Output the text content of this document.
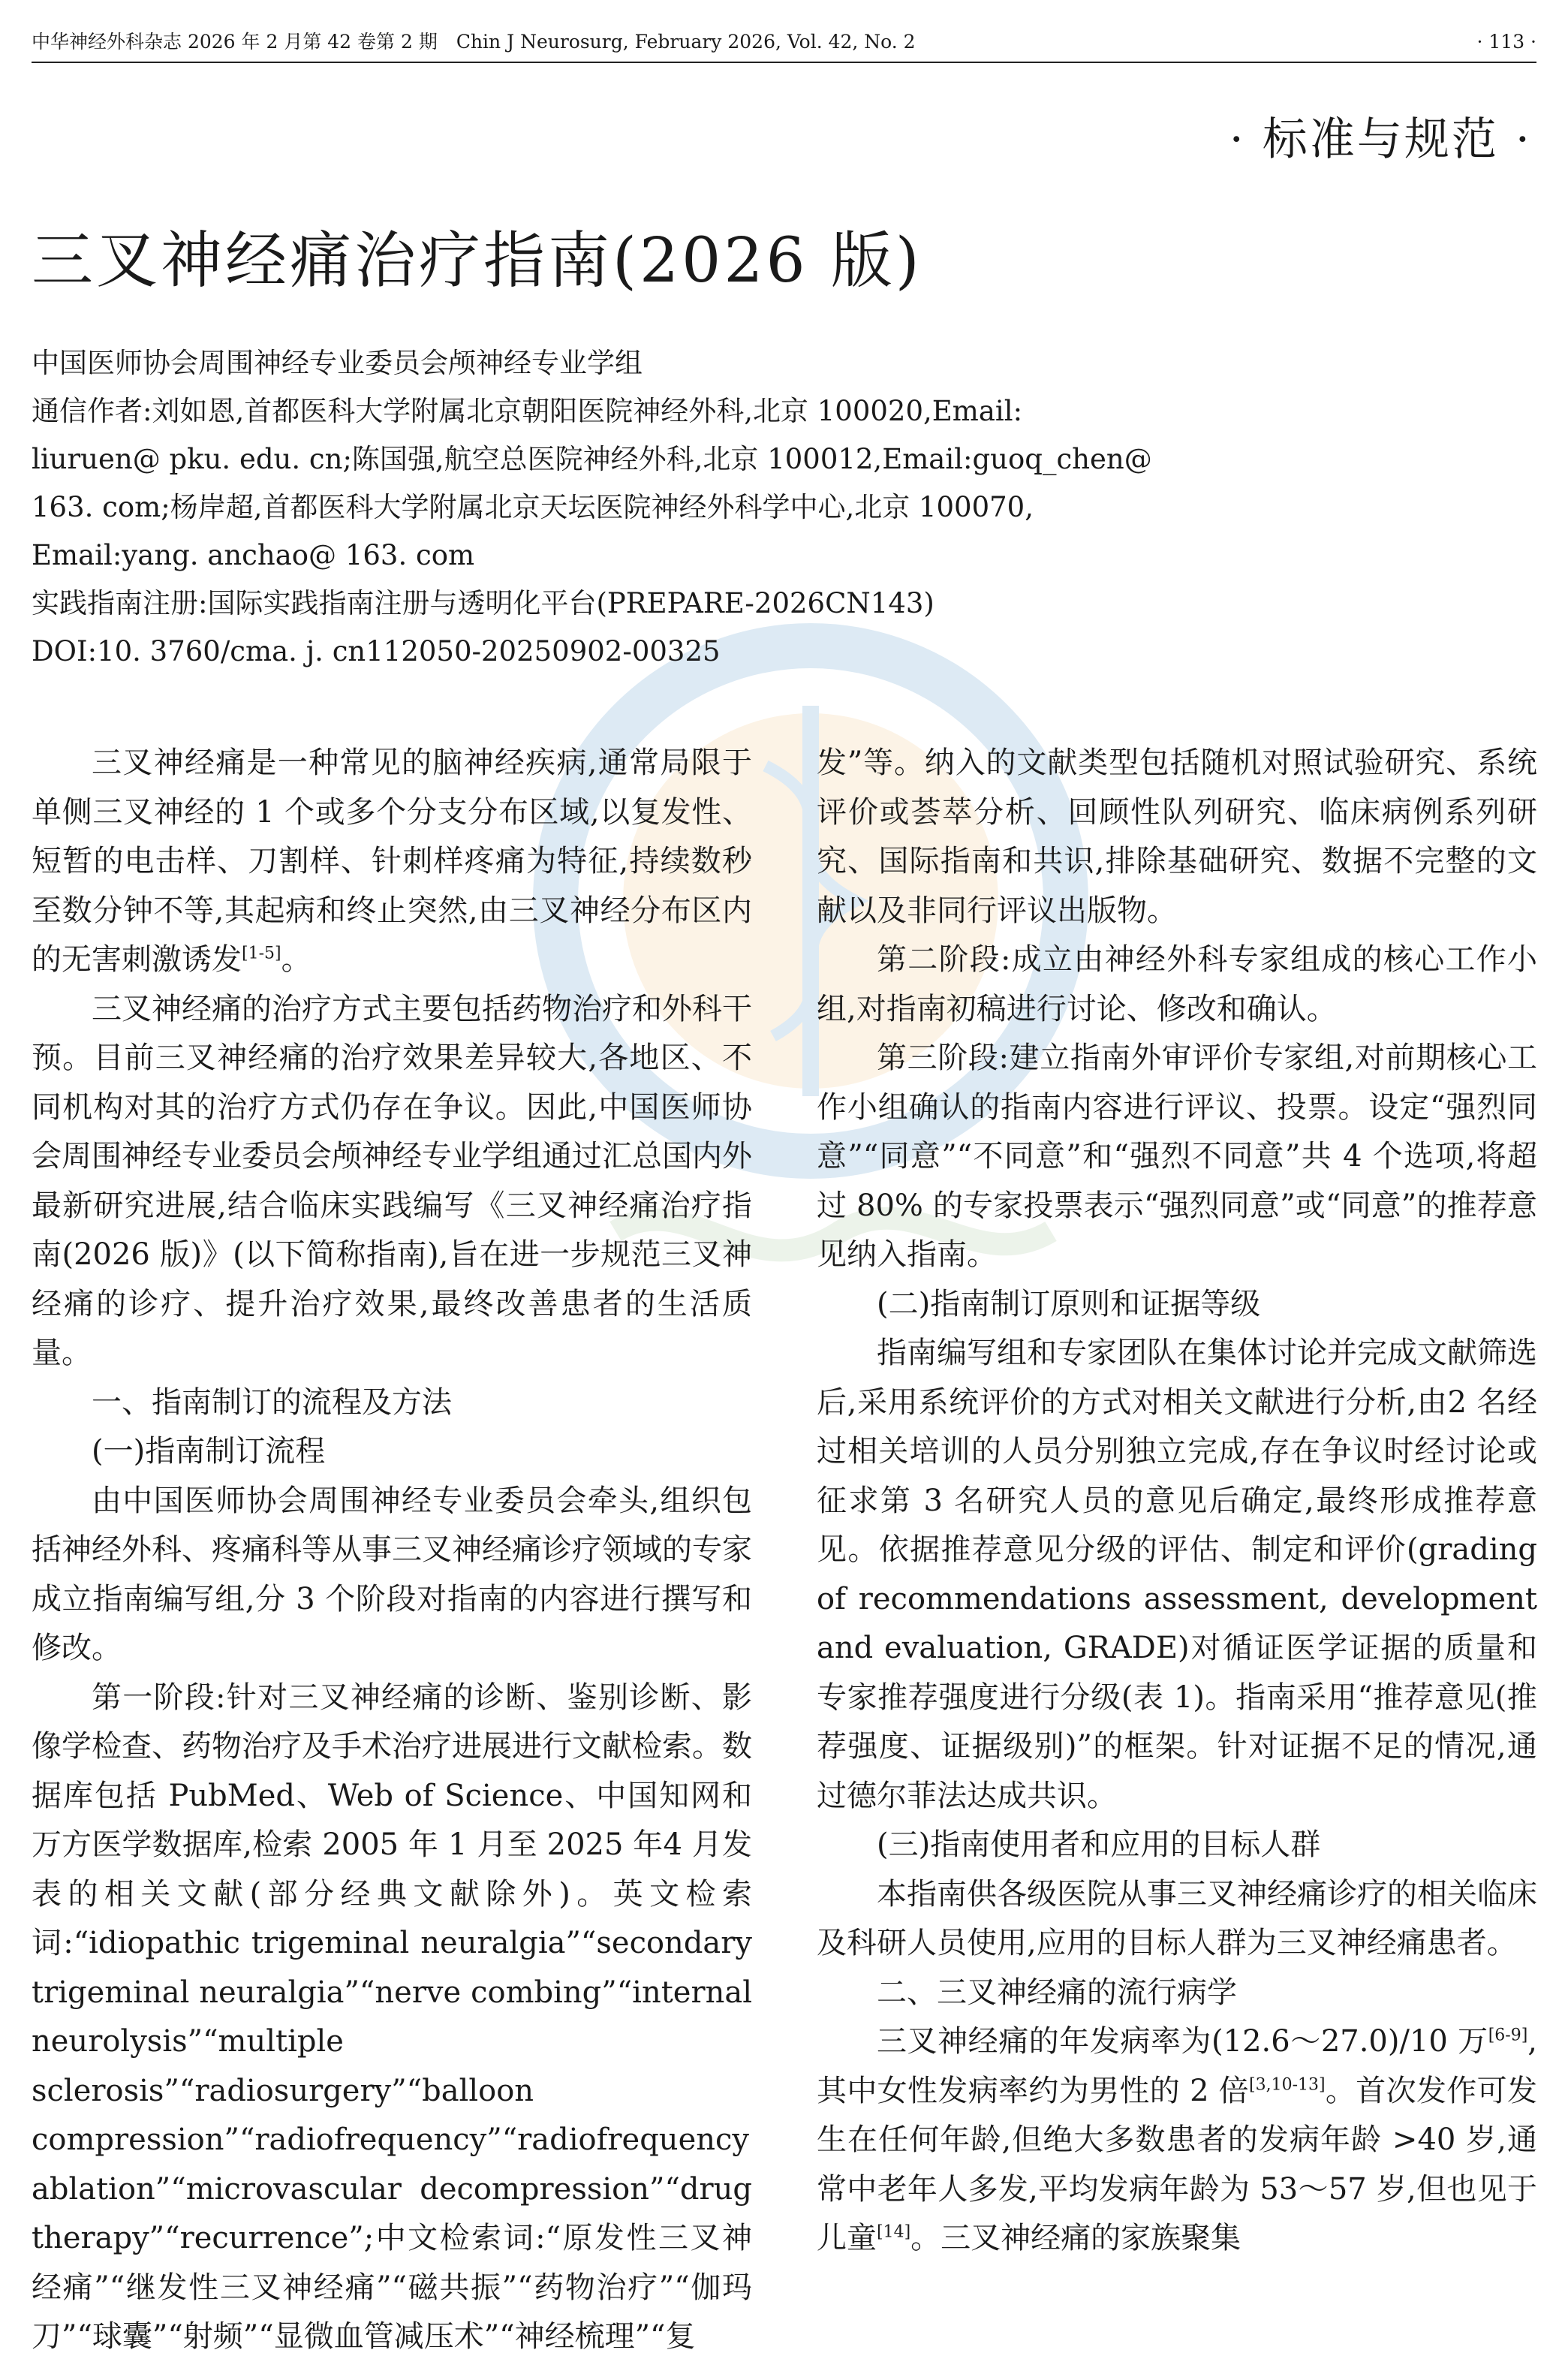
中华神经外科杂志 2026 年 2 月第 42 卷第 2 期　Chin J Neurosurg, February 2026, Vol. 42, No. 2	· 113 ·
· 标准与规范 ·
三叉神经痛治疗指南(2026 版)
中国医师协会周围神经专业委员会颅神经专业学组
通信作者:刘如恩,首都医科大学附属北京朝阳医院神经外科,北京 100020,Email:
liuruen@ pku. edu. cn;陈国强,航空总医院神经外科,北京 100012,Email:guoq_chen@
163. com;杨岸超,首都医科大学附属北京天坛医院神经外科学中心,北京 100070,
Email:yang. anchao@ 163. com
实践指南注册:国际实践指南注册与透明化平台(PREPARE-2026CN143)
DOI:10. 3760/cma. j. cn112050-20250902-00325

三叉神经痛是一种常见的脑神经疾病,通常局限于单侧三叉神经的 1 个或多个分支分布区域,以复发性、短暂的电击样、刀割样、针刺样疼痛为特征,持续数秒至数分钟不等,其起病和终止突然,由三叉神经分布区内的无害刺激诱发[1-5]。

三叉神经痛的治疗方式主要包括药物治疗和外科干预。目前三叉神经痛的治疗效果差异较大,各地区、不同机构对其的治疗方式仍存在争议。因此,中国医师协会周围神经专业委员会颅神经专业学组通过汇总国内外最新研究进展,结合临床实践编写《三叉神经痛治疗指南(2026 版)》(以下简称指南),旨在进一步规范三叉神经痛的诊疗、提升治疗效果,最终改善患者的生活质量。

一、指南制订的流程及方法
(一)指南制订流程

由中国医师协会周围神经专业委员会牵头,组织包括神经外科、疼痛科等从事三叉神经痛诊疗领域的专家成立指南编写组,分 3 个阶段对指南的内容进行撰写和修改。

第一阶段:针对三叉神经痛的诊断、鉴别诊断、影像学检查、药物治疗及手术治疗进展进行文献检索。数据库包括 PubMed、Web of Science、中国知网和万方医学数据库,检索 2005 年 1 月至 2025 年4 月发表的相关文献(部分经典文献除外)。英文检索词:“idiopathic trigeminal neuralgia”“secondary trigeminal neuralgia”“nerve combing”“internal neurolysis”“multiple sclerosis”“radiosurgery”“balloon compression”“radiofrequency”“radiofrequency ablation”“microvascular decompression”“drug therapy”“recurrence”;中文检索词:“原发性三叉神经痛”“继发性三叉神经痛”“磁共振”“药物治疗”“伽玛刀”“球囊”“射频”“显微血管减压术”“神经梳理”“复

发”等。纳入的文献类型包括随机对照试验研究、系统评价或荟萃分析、回顾性队列研究、临床病例系列研究、国际指南和共识,排除基础研究、数据不完整的文献以及非同行评议出版物。

第二阶段:成立由神经外科专家组成的核心工作小组,对指南初稿进行讨论、修改和确认。

第三阶段:建立指南外审评价专家组,对前期核心工作小组确认的指南内容进行评议、投票。设定“强烈同意”“同意”“不同意”和“强烈不同意”共 4 个选项,将超过 80% 的专家投票表示“强烈同意”或“同意”的推荐意见纳入指南。

(二)指南制订原则和证据等级

指南编写组和专家团队在集体讨论并完成文献筛选后,采用系统评价的方式对相关文献进行分析,由2 名经过相关培训的人员分别独立完成,存在争议时经讨论或征求第 3 名研究人员的意见后确定,最终形成推荐意见。依据推荐意见分级的评估、制定和评价(grading of recommendations assessment, development and evaluation, GRADE)对循证医学证据的质量和专家推荐强度进行分级(表 1)。指南采用“推荐意见(推荐强度、证据级别)”的框架。针对证据不足的情况,通过德尔菲法达成共识。

(三)指南使用者和应用的目标人群

本指南供各级医院从事三叉神经痛诊疗的相关临床及科研人员使用,应用的目标人群为三叉神经痛患者。

二、三叉神经痛的流行病学

三叉神经痛的年发病率为(12.6～27.0)/10 万[6-9],其中女性发病率约为男性的 2 倍[3,10-13]。首次发作可发生在任何年龄,但绝大多数患者的发病年龄 >40 岁,通常中老年人多发,平均发病年龄为 53～57 岁,但也见于儿童[14]。三叉神经痛的家族聚集
